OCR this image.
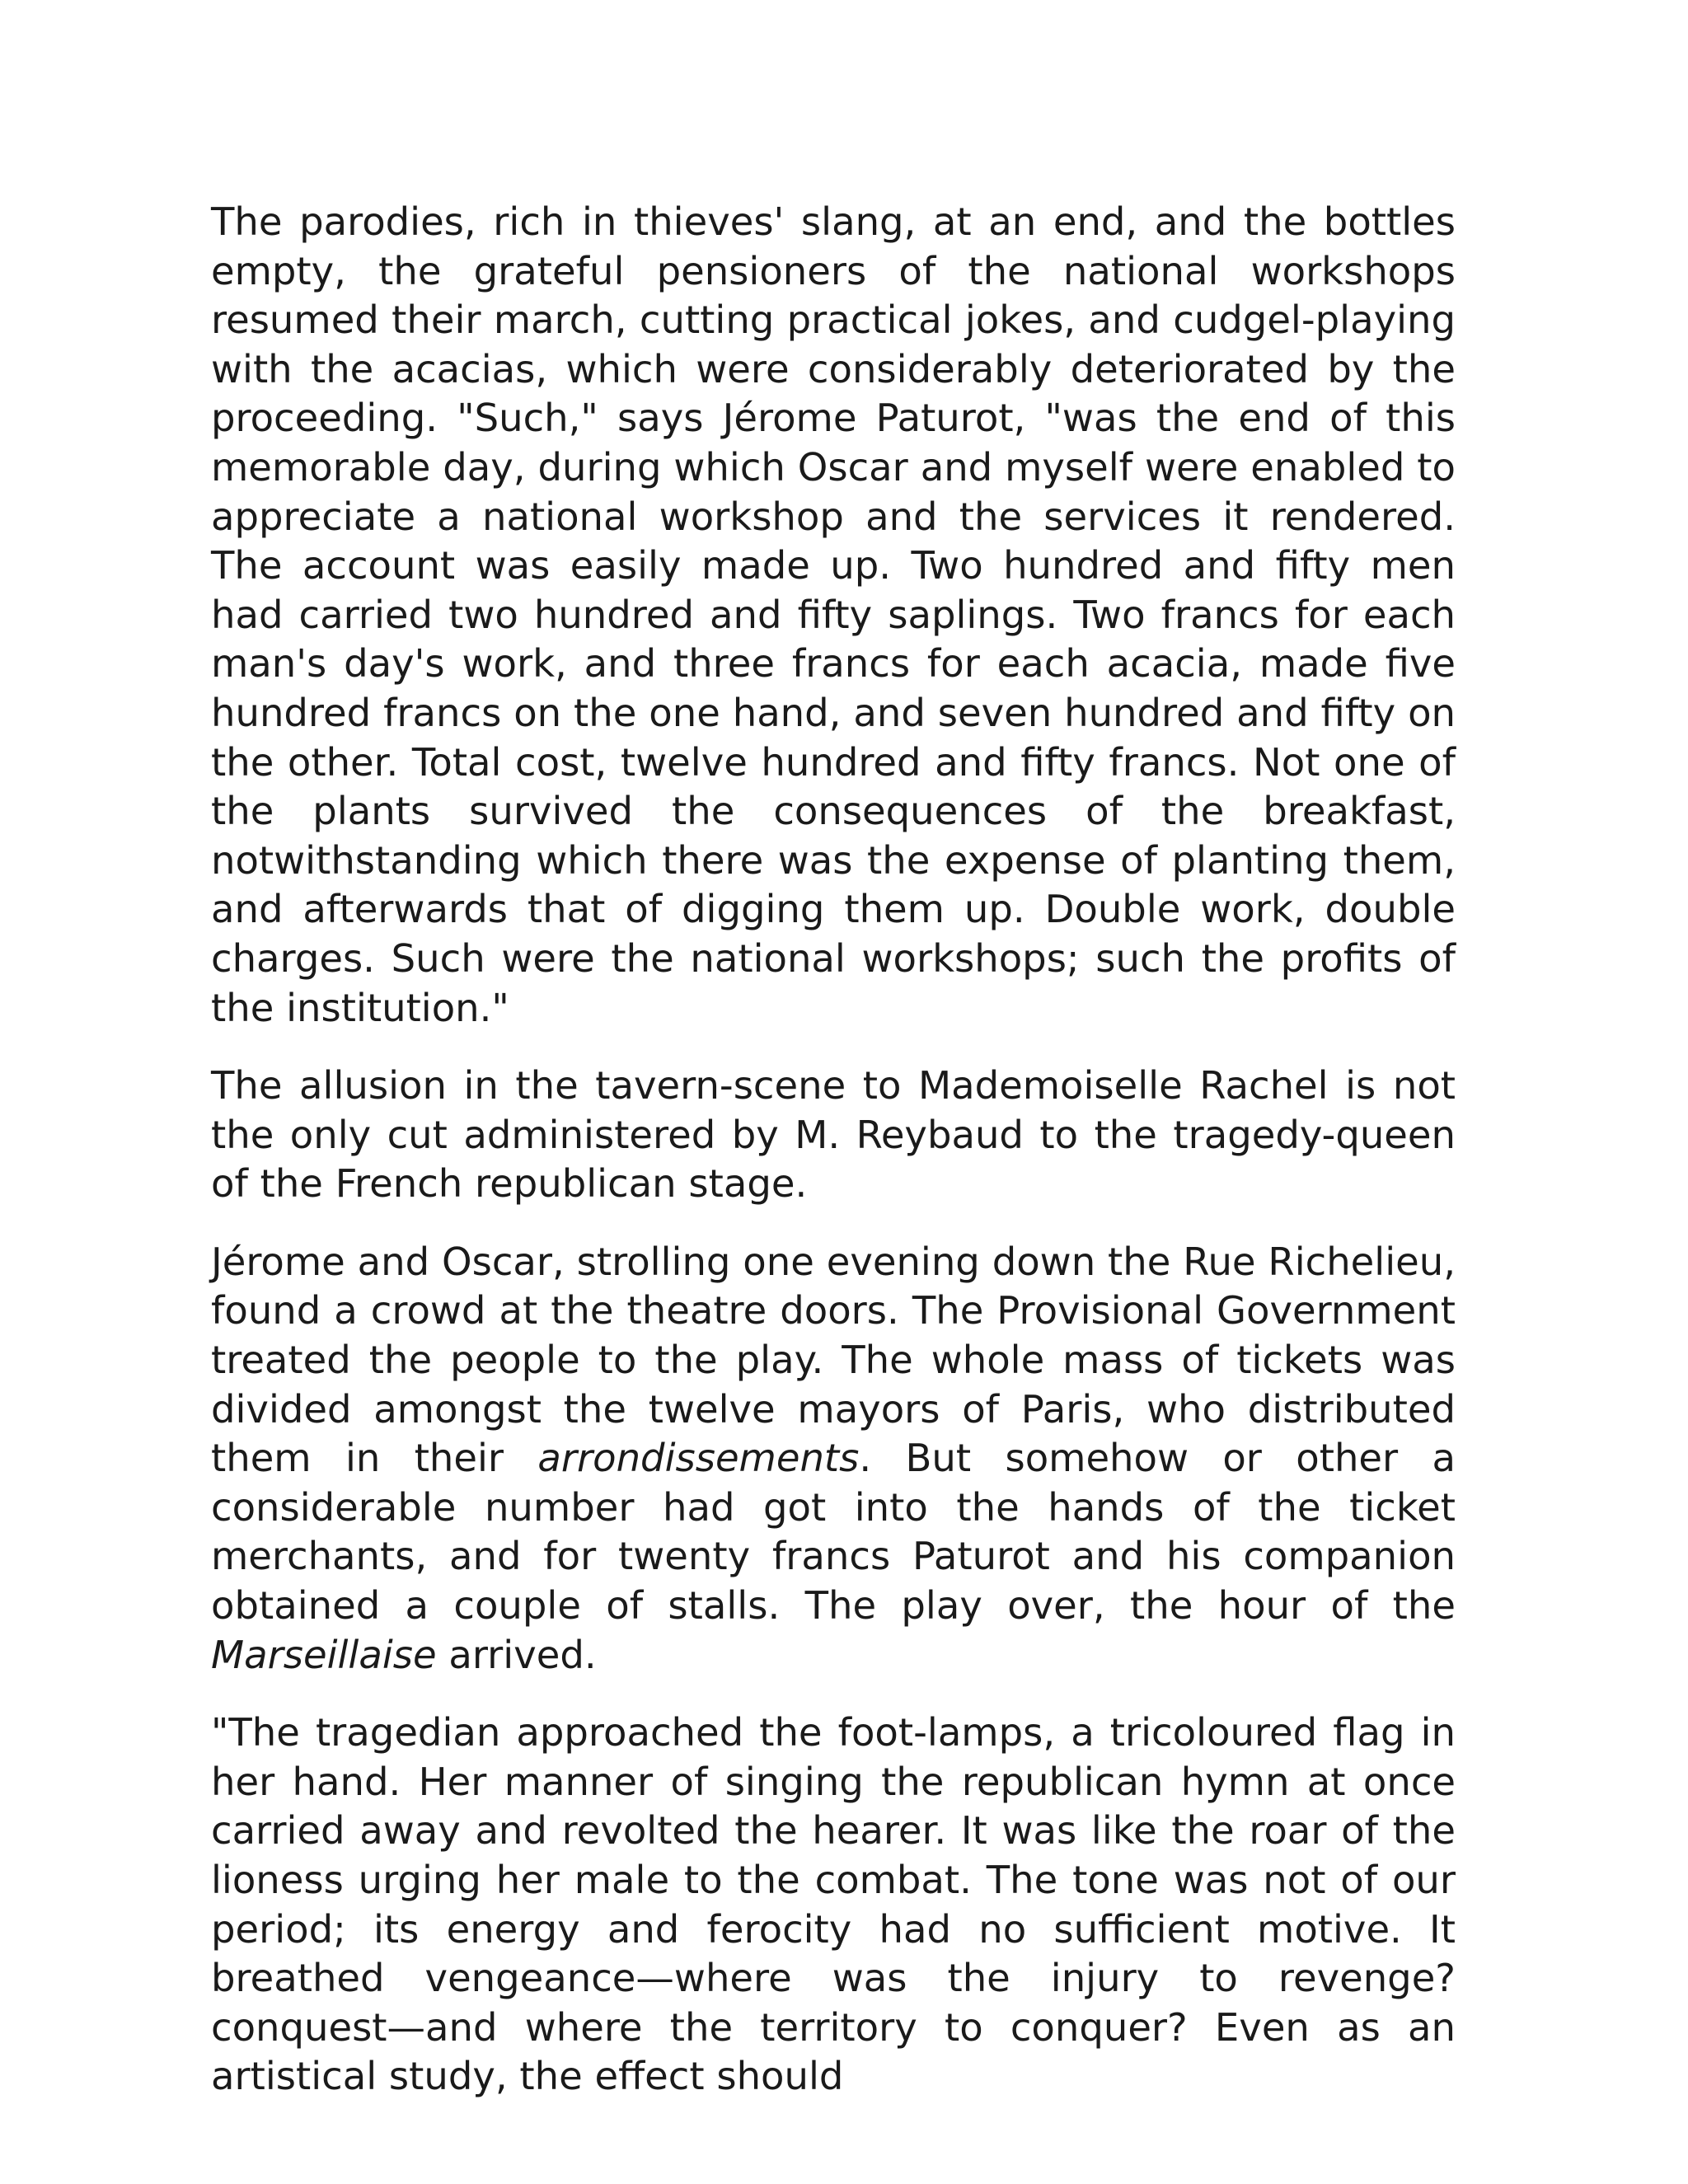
The parodies, rich in thieves' slang, at an end, and the bottles empty, the grateful pensioners of the national workshops resumed their march, cutting practical jokes, and cudgel-playing with the acacias, which were considerably deteriorated by the proceeding. "Such," says Jérome Paturot, "was the end of this memorable day, during which Oscar and myself were enabled to appreciate a national workshop and the services it rendered. The account was easily made up. Two hundred and fifty men had carried two hundred and fifty saplings. Two francs for each man's day's work, and three francs for each acacia, made five hundred francs on the one hand, and seven hundred and fifty on the other. Total cost, twelve hundred and fifty francs. Not one of the plants survived the consequences of the breakfast, notwithstanding which there was the expense of planting them, and afterwards that of digging them up. Double work, double charges. Such were the national workshops; such the profits of the institution."

The allusion in the tavern-scene to Mademoiselle Rachel is not the only cut administered by M. Reybaud to the tragedy-queen of the French republican stage.

Jérome and Oscar, strolling one evening down the Rue Richelieu, found a crowd at the theatre doors. The Provisional Government treated the people to the play. The whole mass of tickets was divided amongst the twelve mayors of Paris, who distributed them in their arrondissements. But somehow or other a considerable number had got into the hands of the ticket merchants, and for twenty francs Paturot and his companion obtained a couple of stalls. The play over, the hour of the Marseillaise arrived.

"The tragedian approached the foot-lamps, a tricoloured flag in her hand. Her manner of singing the republican hymn at once carried away and revolted the hearer. It was like the roar of the lioness urging her male to the combat. The tone was not of our period; its energy and ferocity had no sufficient motive. It breathed vengeance—where was the injury to revenge? conquest—and where the territory to conquer? Even as an artistical study, the effect should
